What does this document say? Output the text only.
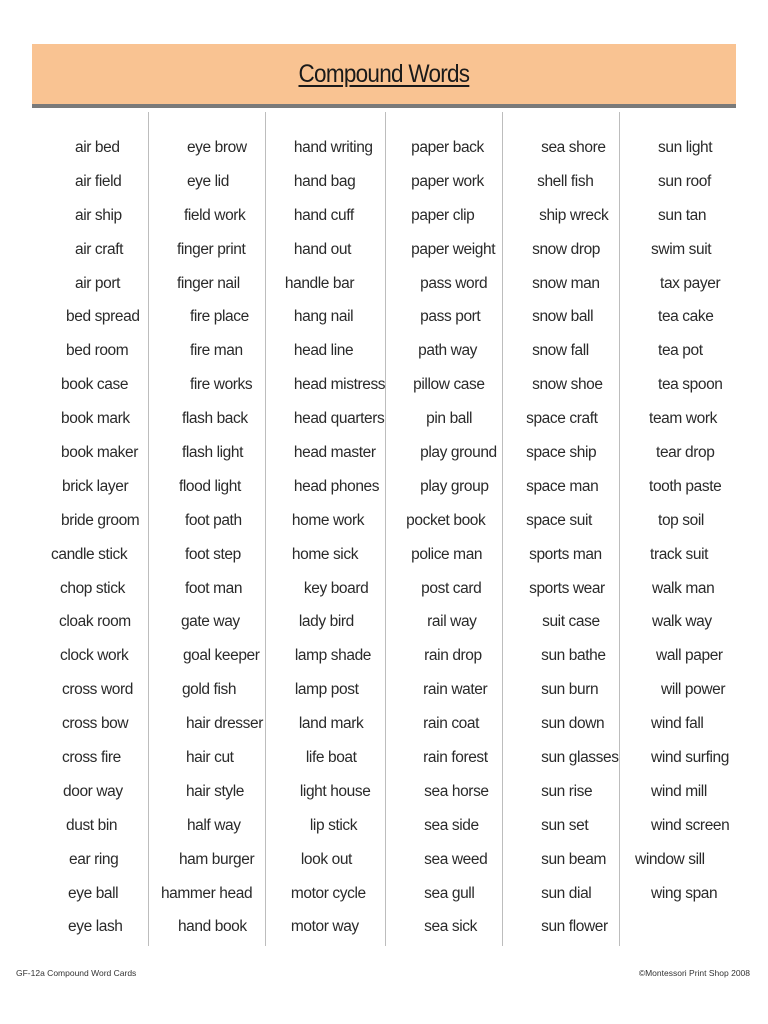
Compound Words
air bed
air field
air ship
air craft
air port
bed spread
bed room
book case
book mark
book maker
brick layer
bride groom
candle stick
chop stick
cloak room
clock work
cross word
cross bow
cross fire
door way
dust bin
ear ring
eye ball
eye lash
eye brow
eye lid
field work
finger print
finger nail
fire place
fire man
fire works
flash back
flash light
flood light
foot path
foot step
foot man
gate way
goal keeper
gold fish
hair dresser
hair cut
hair style
half way
ham burger
hammer head
hand book
hand writing
hand bag
hand cuff
hand out
handle bar
hang nail
head line
head mistress
head quarters
head master
head phones
home work
home sick
key board
lady bird
lamp shade
lamp post
land mark
life boat
light house
lip stick
look out
motor cycle
motor way
paper back
paper work
paper clip
paper weight
pass word
pass port
path way
pillow case
pin ball
play ground
play group
pocket book
police man
post card
rail way
rain drop
rain water
rain coat
rain forest
sea horse
sea side
sea weed
sea gull
sea sick
sea shore
shell fish
ship wreck
snow drop
snow man
snow ball
snow fall
snow shoe
space craft
space ship
space man
space suit
sports man
sports wear
suit case
sun bathe
sun burn
sun down
sun glasses
sun rise
sun set
sun beam
sun dial
sun flower
sun light
sun roof
sun tan
swim suit
tax payer
tea cake
tea pot
tea spoon
team work
tear drop
tooth paste
top soil
track suit
walk man
walk way
wall paper
will power
wind fall
wind surfing
wind mill
wind screen
window sill
wing span
GF-12a Compound Word Cards	©Montessori Print Shop 2008
